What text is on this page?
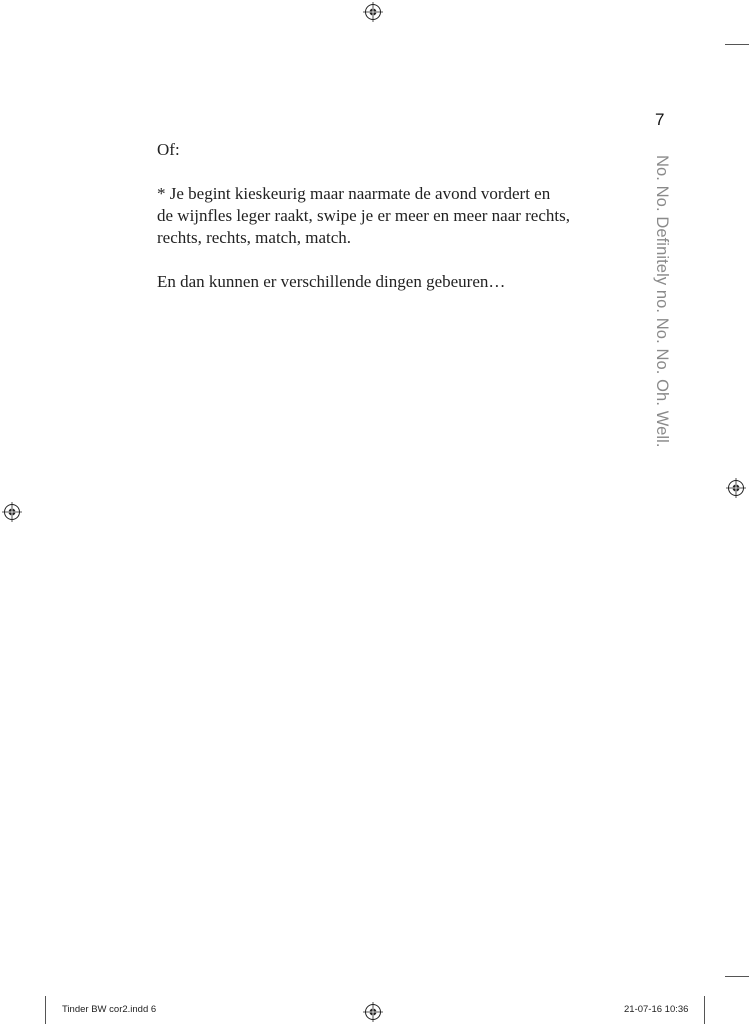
7
No. No. Definitely no. No. No. Oh. Well.

Of:

* Je begint kieskeurig maar naarmate de avond vordert en
de wijnfles leger raakt, swipe je er meer en meer naar rechts,
rechts, rechts, match, match.

En dan kunnen er verschillende dingen gebeuren…

Tinder BW cor2.indd 6	21-07-16 10:36
